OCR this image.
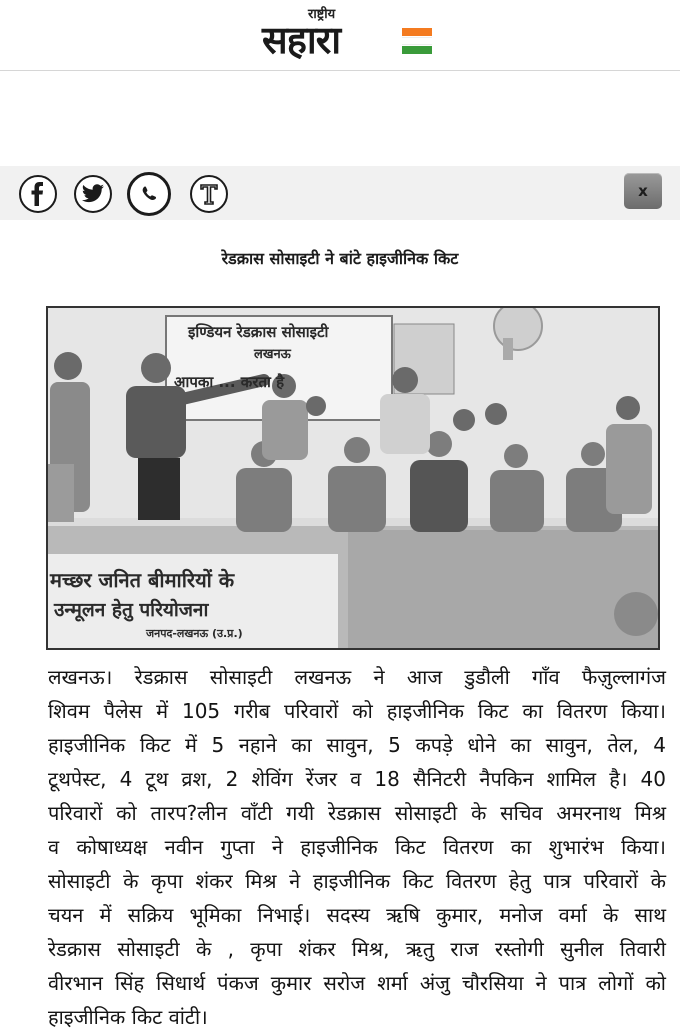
राष्ट्रीय
सहारा
x
रेडक्रास सोसाइटी ने बांटे हाइजीनिक किट
इण्डियन रेडक्रास सोसाइटी
लखनऊ
आपका ... करता है
मच्छर जनित बीमारियों के
उन्मूलन हेतु परियोजना
जनपद-लखनऊ (उ.प्र.)
लखनऊ। रेडक्रास सोसाइटी लखनऊ ने आज डुडौली गाँव फैज़ुल्लागंज
शिवम पैलेस में 105 गरीब परिवारों को हाइजीनिक किट का वितरण किया।
हाइजीनिक किट में 5 नहाने का सावुन, 5 कपड़े धोने का सावुन, तेल, 4
टूथपेस्ट, 4 टूथ व्रश, 2 शेविंग रेंजर व 18 सैनिटरी नैपकिन शामिल है। 40
परिवारों को तारप?लीन वाँटी गयी रेडक्रास सोसाइटी के सचिव अमरनाथ मिश्र
व कोषाध्यक्ष नवीन गुप्ता ने हाइजीनिक किट वितरण का शुभारंभ किया।
सोसाइटी के कृपा शंकर मिश्र ने हाइजीनिक किट वितरण हेतु पात्र परिवारों के
चयन में सक्रिय भूमिका निभाई। सदस्य ऋषि कुमार, मनोज वर्मा के साथ
रेडक्रास सोसाइटी के , कृपा शंकर मिश्र, ऋतु राज रस्तोगी सुनील तिवारी
वीरभान सिंह सिधार्थ पंकज कुमार सरोज शर्मा अंजु चौरसिया ने पात्र लोगों को
हाइजीनिक किट वांटी।
